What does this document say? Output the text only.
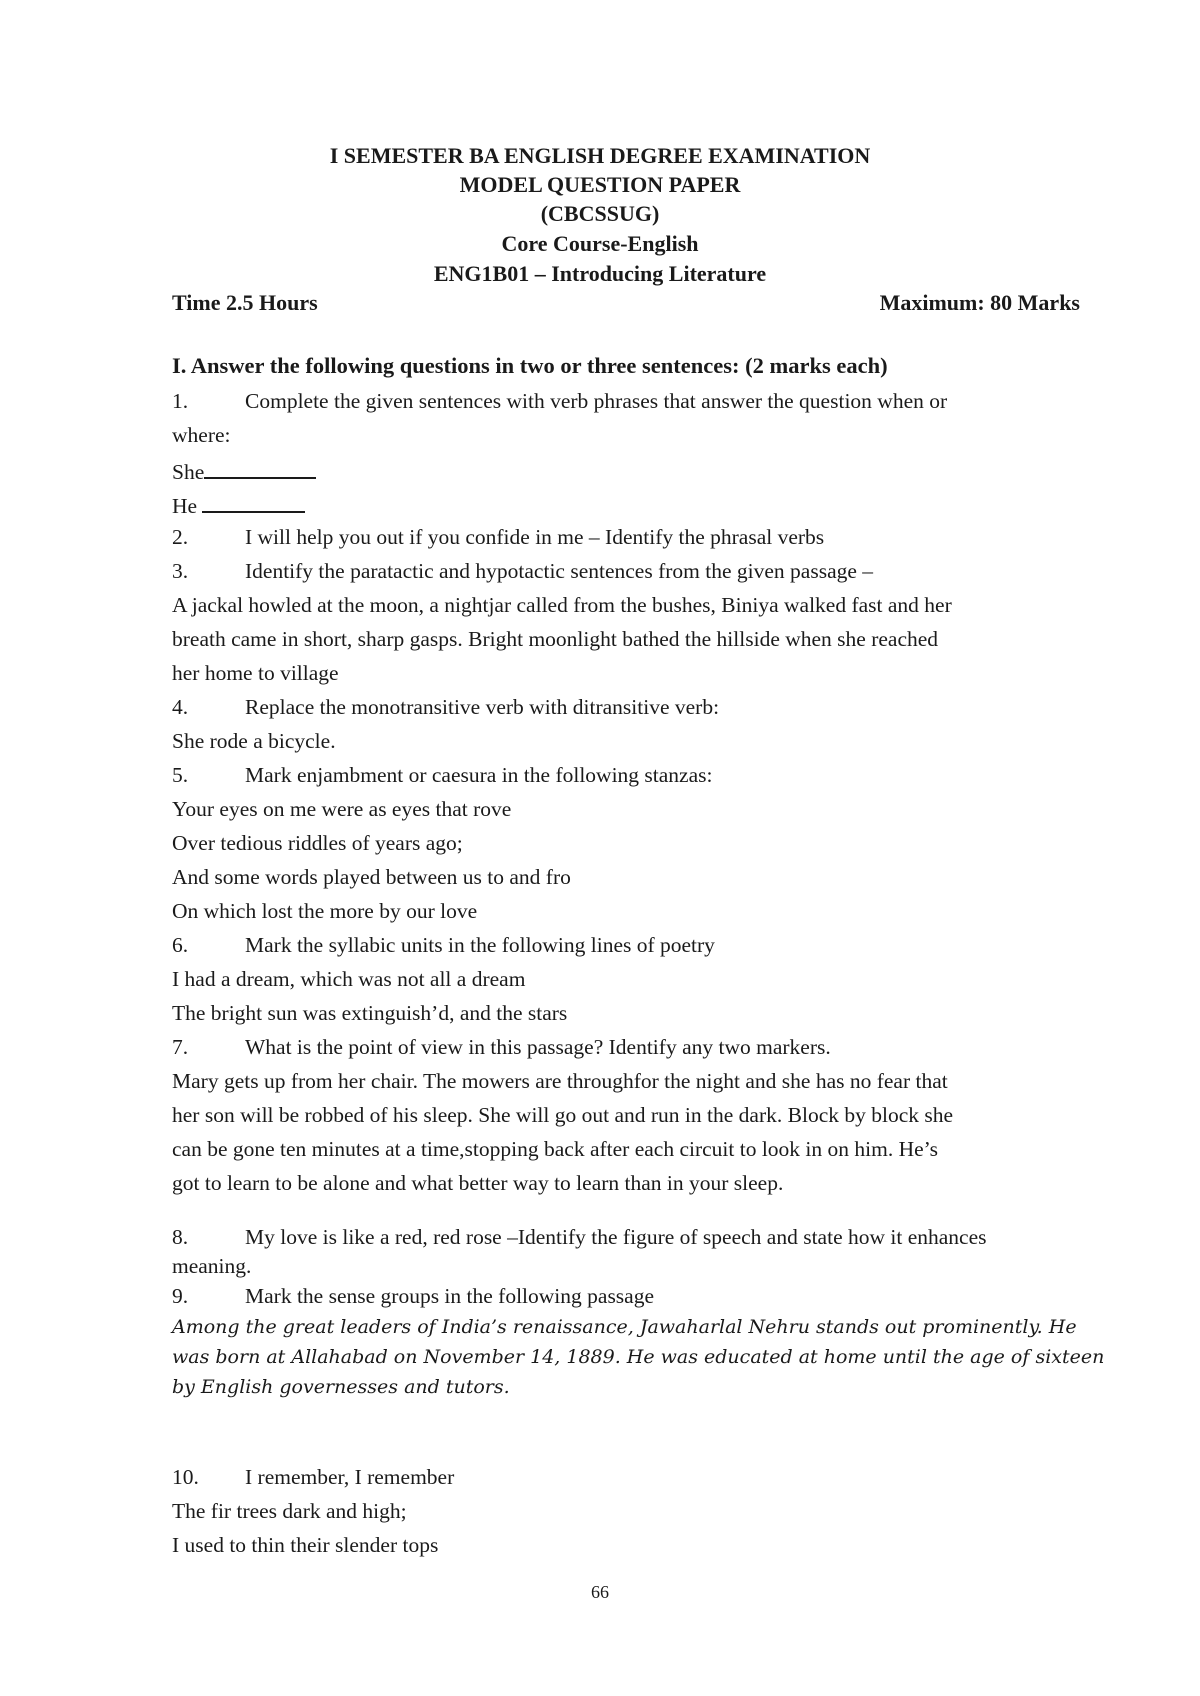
I SEMESTER BA ENGLISH DEGREE EXAMINATION
MODEL QUESTION PAPER
(CBCSSUG)
Core Course-English
ENG1B01 – Introducing Literature
Time 2.5 Hours	Maximum: 80 Marks
I. Answer the following questions in two or three sentences: (2 marks each)
1.	Complete the given sentences with verb phrases that answer the question when or
where:
She
He
2.	I will help you out if you confide in me – Identify the phrasal verbs
3.	Identify the paratactic and hypotactic sentences from the given passage –
A jackal howled at the moon, a nightjar called from the bushes, Biniya walked fast and her
breath came in short, sharp gasps. Bright moonlight bathed the hillside when she reached
her home to village
4.	Replace the monotransitive verb with ditransitive verb:
She rode a bicycle.
5.	Mark enjambment or caesura in the following stanzas:
Your eyes on me were as eyes that rove
Over tedious riddles of years ago;
And some words played between us to and fro
On which lost the more by our love
6.	Mark the syllabic units in the following lines of poetry
I had a dream, which was not all a dream
The bright sun was extinguish’d, and the stars
7.	What is the point of view in this passage? Identify any two markers.
Mary gets up from her chair. The mowers are throughfor the night and she has no fear that
her son will be robbed of his sleep. She will go out and run in the dark. Block by block she
can be gone ten minutes at a time,stopping back after each circuit to look in on him. He’s
got to learn to be alone and what better way to learn than in your sleep.
8.	My love is like a red, red rose –Identify the figure of speech and state how it enhances
meaning.
9.	Mark the sense groups in the following passage
Among the great leaders of India’s renaissance, Jawaharlal Nehru stands out prominently. He
was born at Allahabad on November 14, 1889. He was educated at home until the age of sixteen
by English governesses and tutors.
10. I remember, I remember
The fir trees dark and high;
I used to thin their slender tops
66
